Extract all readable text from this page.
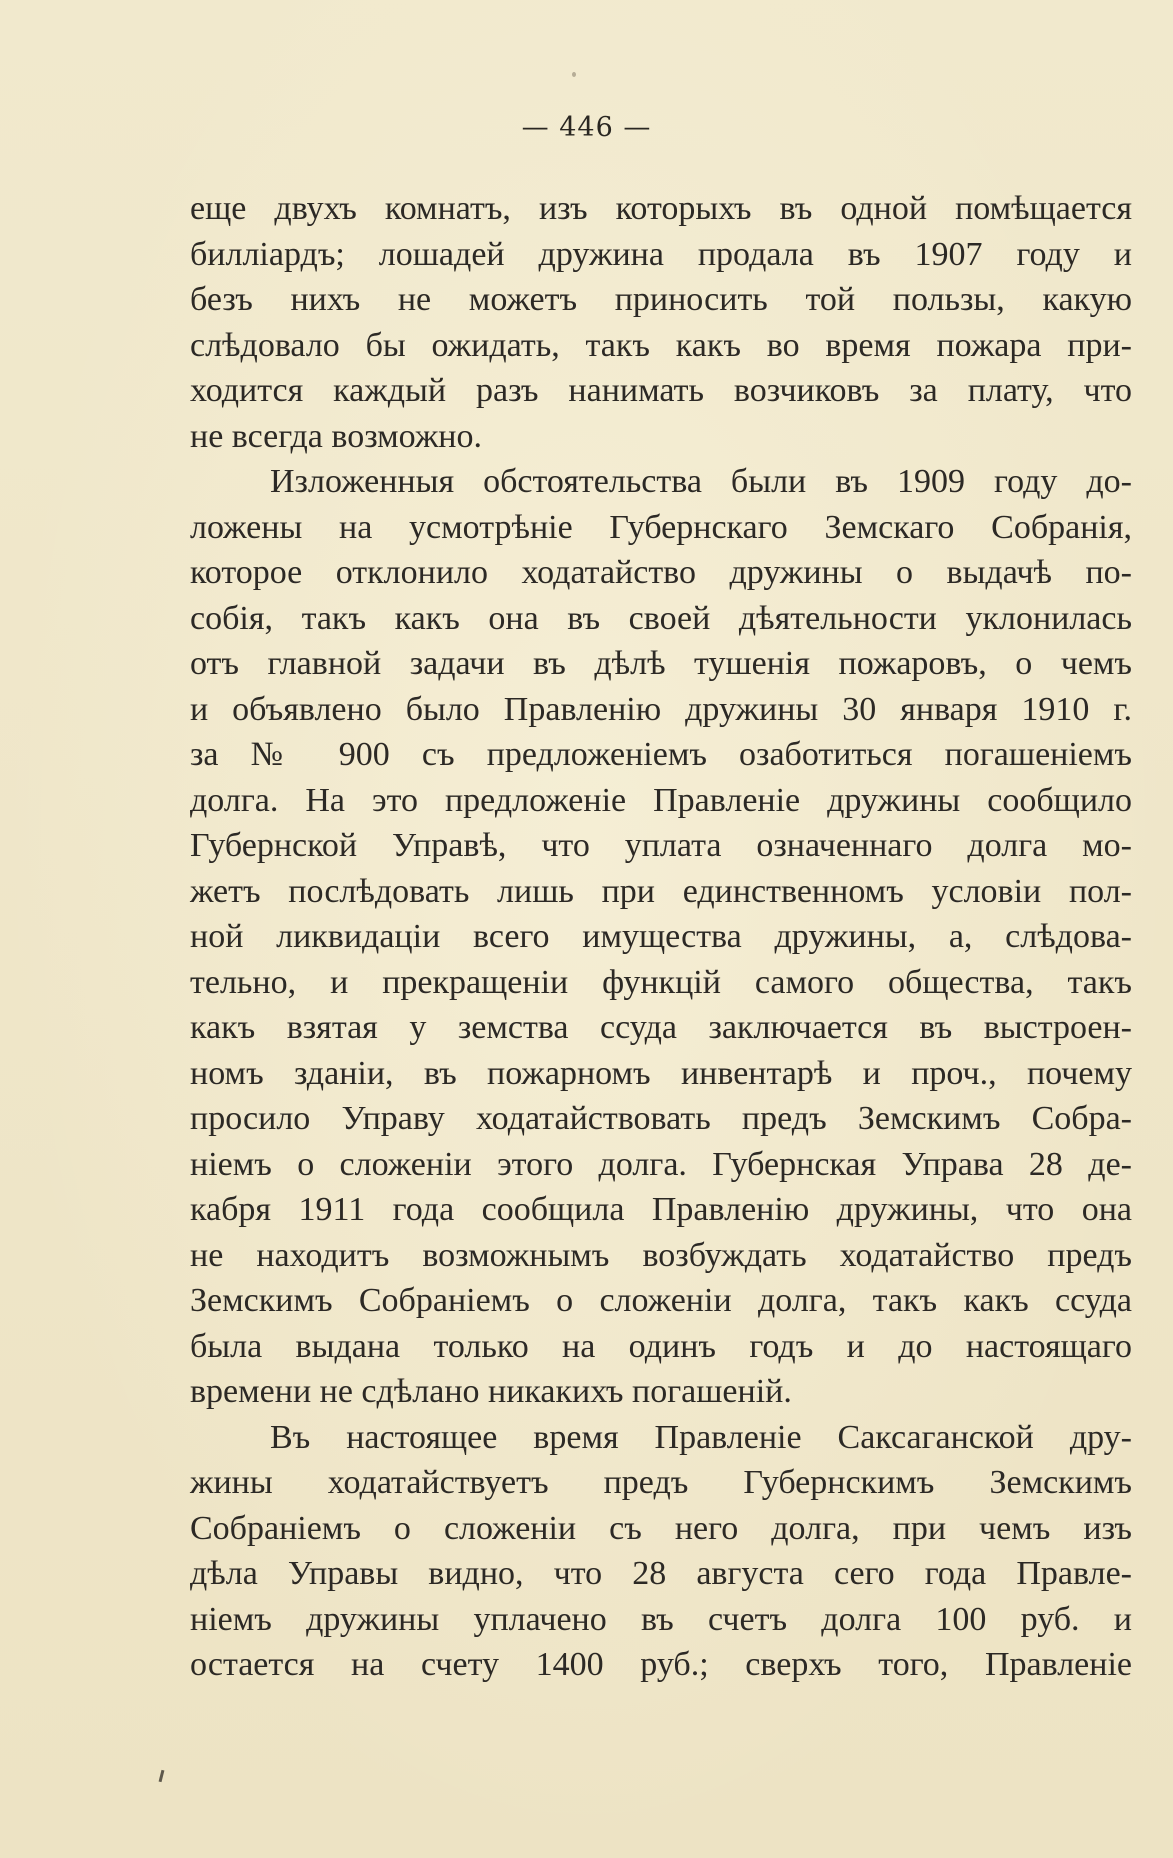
— 446 —
еще двухъ комнатъ, изъ которыхъ въ одной помѣщается
билліардъ; лошадей дружина продала въ 1907 году и
безъ нихъ не можетъ приносить той пользы, какую
слѣдовало бы ожидать, такъ какъ во время пожара при-
ходится каждый разъ нанимать возчиковъ за плату, что
не всегда возможно.
Изложенныя обстоятельства были въ 1909 году до-
ложены на усмотрѣніе Губернскаго Земскаго Собранія,
которое отклонило ходатайство дружины о выдачѣ по-
собія, такъ какъ она въ своей дѣятельности уклонилась
отъ главной задачи въ дѣлѣ тушенія пожаровъ, о чемъ
и объявлено было Правленію дружины 30 января 1910 г.
за № 900 съ предложеніемъ озаботиться погашеніемъ
долга. На это предложеніе Правленіе дружины сообщило
Губернской Управѣ, что уплата означеннаго долга мо-
жетъ послѣдовать лишь при единственномъ условіи пол-
ной ликвидаціи всего имущества дружины, а, слѣдова-
тельно, и прекращеніи функцій самого общества, такъ
какъ взятая у земства ссуда заключается въ выстроен-
номъ зданіи, въ пожарномъ инвентарѣ и проч., почему
просило Управу ходатайствовать предъ Земскимъ Собра-
ніемъ о сложеніи этого долга. Губернская Управа 28 де-
кабря 1911 года сообщила Правленію дружины, что она
не находитъ возможнымъ возбуждать ходатайство предъ
Земскимъ Собраніемъ о сложеніи долга, такъ какъ ссуда
была выдана только на одинъ годъ и до настоящаго
времени не сдѣлано никакихъ погашеній.
Въ настоящее время Правленіе Саксаганской дру-
жины ходатайствуетъ предъ Губернскимъ Земскимъ
Собраніемъ о сложеніи съ него долга, при чемъ изъ
дѣла Управы видно, что 28 августа сего года Правле-
ніемъ дружины уплачено въ счетъ долга 100 руб. и
остается на счету 1400 руб.; сверхъ того, Правленіе
